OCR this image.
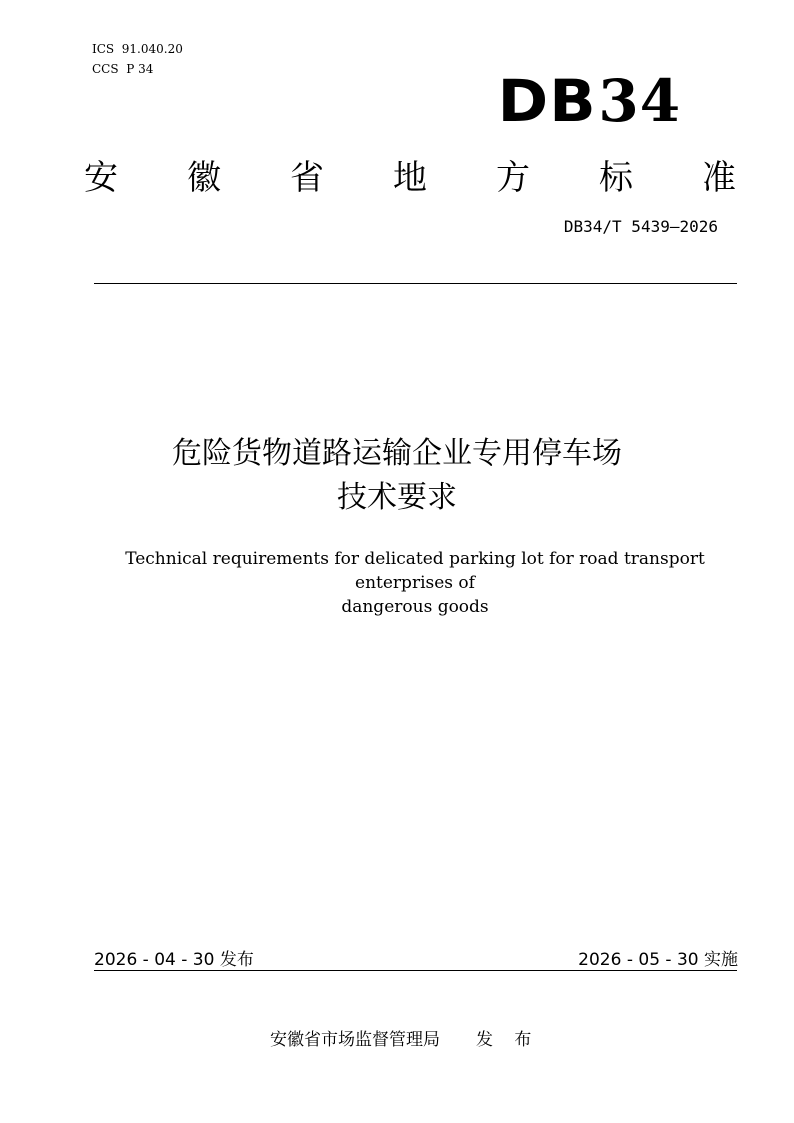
ICS  91.040.20
CCS  P 34	DB34
安 徽 省 地 方 标 准
DB34/T 5439—2026
危险货物道路运输企业专用停车场
技术要求
Technical requirements for delicated parking lot for road transport enterprises of
dangerous goods
2026 - 04 - 30 发布	2026 - 05 - 30 实施
安徽省市场监督管理局 发 布
